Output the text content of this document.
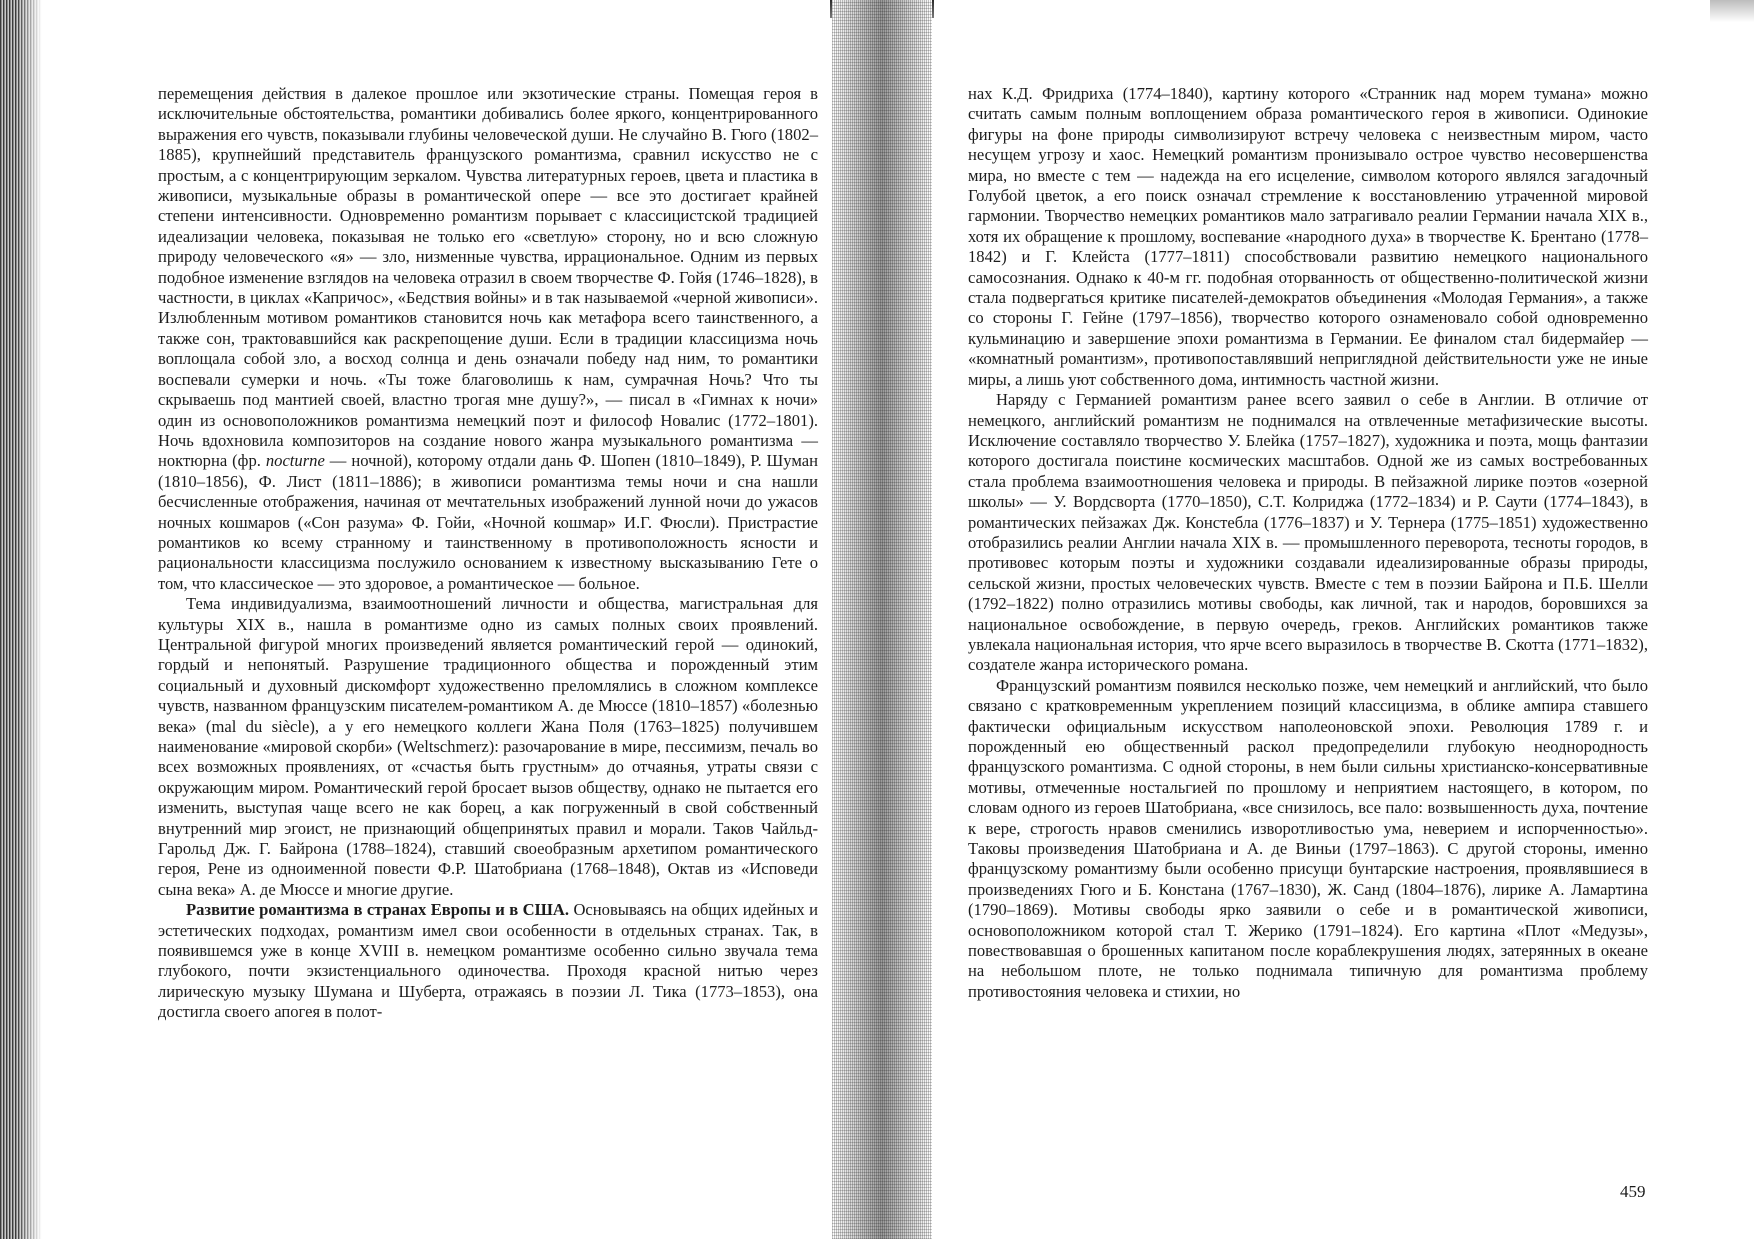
перемещения действия в далекое прошлое или экзотические страны. Помещая героя в исключительные обстоятельства, романтики добивались более яркого, концентрированного выражения его чувств, показывали глубины человеческой души. Не случайно В. Гюго (1802–1885), крупнейший представитель французского романтизма, сравнил искусство не с простым, а с концентрирующим зеркалом. Чувства литературных героев, цвета и пластика в живописи, музыкальные образы в романтической опере — все это достигает крайней степени интенсивности. Одновременно романтизм порывает с классицистской традицией идеализации человека, показывая не только его «светлую» сторону, но и всю сложную природу человеческого «я» — зло, низменные чувства, иррациональное. Одним из первых подобное изменение взглядов на человека отразил в своем творчестве Ф. Гойя (1746–1828), в частности, в циклах «Капричос», «Бедствия войны» и в так называемой «черной живописи». Излюбленным мотивом романтиков становится ночь как метафора всего таинственного, а также сон, трактовавшийся как раскрепощение души. Если в традиции классицизма ночь воплощала собой зло, а восход солнца и день означали победу над ним, то романтики воспевали сумерки и ночь. «Ты тоже благоволишь к нам, сумрачная Ночь? Что ты скрываешь под мантией своей, властно трогая мне душу?», — писал в «Гимнах к ночи» один из основоположников романтизма немецкий поэт и философ Новалис (1772–1801). Ночь вдохновила композиторов на создание нового жанра музыкального романтизма — ноктюрна (фр. nocturne — ночной), которому отдали дань Ф. Шопен (1810–1849), Р. Шуман (1810–1856), Ф. Лист (1811–1886); в живописи романтизма темы ночи и сна нашли бесчисленные отображения, начиная от мечтательных изображений лунной ночи до ужасов ночных кошмаров («Сон разума» Ф. Гойи, «Ночной кошмар» И.Г. Фюсли). Пристрастие романтиков ко всему странному и таинственному в противоположность ясности и рациональности классицизма послужило основанием к известному высказыванию Гете о том, что классическое — это здоровое, а романтическое — больное.

Тема индивидуализма, взаимоотношений личности и общества, магистральная для культуры XIX в., нашла в романтизме одно из самых полных своих проявлений. Центральной фигурой многих произведений является романтический герой — одинокий, гордый и непонятый. Разрушение традиционного общества и порожденный этим социальный и духовный дискомфорт художественно преломлялись в сложном комплексе чувств, названном французским писателем-романтиком А. де Мюссе (1810–1857) «болезнью века» (mal du siècle), а у его немецкого коллеги Жана Поля (1763–1825) получившем наименование «мировой скорби» (Weltschmerz): разочарование в мире, пессимизм, печаль во всех возможных проявлениях, от «счастья быть грустным» до отчаянья, утраты связи с окружающим миром. Романтический герой бросает вызов обществу, однако не пытается его изменить, выступая чаще всего не как борец, а как погруженный в свой собственный внутренний мир эгоист, не признающий общепринятых правил и морали. Таков Чайльд-Гарольд Дж. Г. Байрона (1788–1824), ставший своеобразным архетипом романтического героя, Рене из одноименной повести Ф.Р. Шатобриана (1768–1848), Октав из «Исповеди сына века» А. де Мюссе и многие другие.

Развитие романтизма в странах Европы и в США. Основываясь на общих идейных и эстетических подходах, романтизм имел свои особенности в отдельных странах. Так, в появившемся уже в конце XVIII в. немецком романтизме особенно сильно звучала тема глубокого, почти экзистенциального одиночества. Проходя красной нитью через лирическую музыку Шумана и Шуберта, отражаясь в поэзии Л. Тика (1773–1853), она достигла своего апогея в полот-

нах К.Д. Фридриха (1774–1840), картину которого «Странник над морем тумана» можно считать самым полным воплощением образа романтического героя в живописи. Одинокие фигуры на фоне природы символизируют встречу человека с неизвестным миром, часто несущем угрозу и хаос. Немецкий романтизм пронизывало острое чувство несовершенства мира, но вместе с тем — надежда на его исцеление, символом которого являлся загадочный Голубой цветок, а его поиск означал стремление к восстановлению утраченной мировой гармонии. Творчество немецких романтиков мало затрагивало реалии Германии начала XIX в., хотя их обращение к прошлому, воспевание «народного духа» в творчестве К. Брентано (1778–1842) и Г. Клейста (1777–1811) способствовали развитию немецкого национального самосознания. Однако к 40-м гг. подобная оторванность от общественно-политической жизни стала подвергаться критике писателей-демократов объединения «Молодая Германия», а также со стороны Г. Гейне (1797–1856), творчество которого ознаменовало собой одновременно кульминацию и завершение эпохи романтизма в Германии. Ее финалом стал бидермайер — «комнатный романтизм», противопоставлявший неприглядной действительности уже не иные миры, а лишь уют собственного дома, интимность частной жизни.

Наряду с Германией романтизм ранее всего заявил о себе в Англии. В отличие от немецкого, английский романтизм не поднимался на отвлеченные метафизические высоты. Исключение составляло творчество У. Блейка (1757–1827), художника и поэта, мощь фантазии которого достигала поистине космических масштабов. Одной же из самых востребованных стала проблема взаимоотношения человека и природы. В пейзажной лирике поэтов «озерной школы» — У. Вордсворта (1770–1850), С.Т. Колриджа (1772–1834) и Р. Саути (1774–1843), в романтических пейзажах Дж. Констебла (1776–1837) и У. Тернера (1775–1851) художественно отобразились реалии Англии начала XIX в. — промышленного переворота, тесноты городов, в противовес которым поэты и художники создавали идеализированные образы природы, сельской жизни, простых человеческих чувств. Вместе с тем в поэзии Байрона и П.Б. Шелли (1792–1822) полно отразились мотивы свободы, как личной, так и народов, боровшихся за национальное освобождение, в первую очередь, греков. Английских романтиков также увлекала национальная история, что ярче всего выразилось в творчестве В. Скотта (1771–1832), создателе жанра исторического романа.

Французский романтизм появился несколько позже, чем немецкий и английский, что было связано с кратковременным укреплением позиций классицизма, в облике ампира ставшего фактически официальным искусством наполеоновской эпохи. Революция 1789 г. и порожденный ею общественный раскол предопределили глубокую неоднородность французского романтизма. С одной стороны, в нем были сильны христианско-консервативные мотивы, отмеченные ностальгией по прошлому и неприятием настоящего, в котором, по словам одного из героев Шатобриана, «все снизилось, все пало: возвышенность духа, почтение к вере, строгость нравов сменились изворотливостью ума, неверием и испорченностью». Таковы произведения Шатобриана и А. де Виньи (1797–1863). С другой стороны, именно французскому романтизму были особенно присущи бунтарские настроения, проявлявшиеся в произведениях Гюго и Б. Констана (1767–1830), Ж. Санд (1804–1876), лирике А. Ламартина (1790–1869). Мотивы свободы ярко заявили о себе и в романтической живописи, основоположником которой стал Т. Жерико (1791–1824). Его картина «Плот «Медузы», повествовавшая о брошенных капитаном после кораблекрушения людях, затерянных в океане на небольшом плоте, не только поднимала типичную для романтизма проблему противостояния человека и стихии, но

459
